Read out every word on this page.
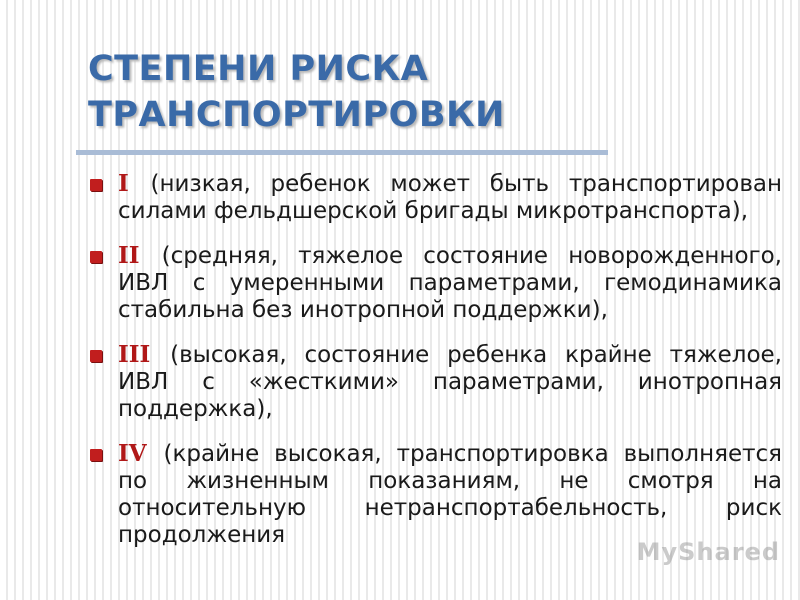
СТЕПЕНИ РИСКА ТРАНСПОРТИРОВКИ
I (низкая, ребенок может быть транспортирован силами фельдшерской бригады микротранспорта),
II (средняя, тяжелое состояние новорожденного, ИВЛ с умеренными параметрами, гемодинамика стабильна без инотропной поддержки),
III (высокая, состояние ребенка крайне тяжелое, ИВЛ с «жесткими» параметрами, инотропная поддержка),
IV (крайне высокая, транспортировка выполняется по жизненным показаниям, не смотря на относительную нетранспортабельность, риск продолжения
MyShared
